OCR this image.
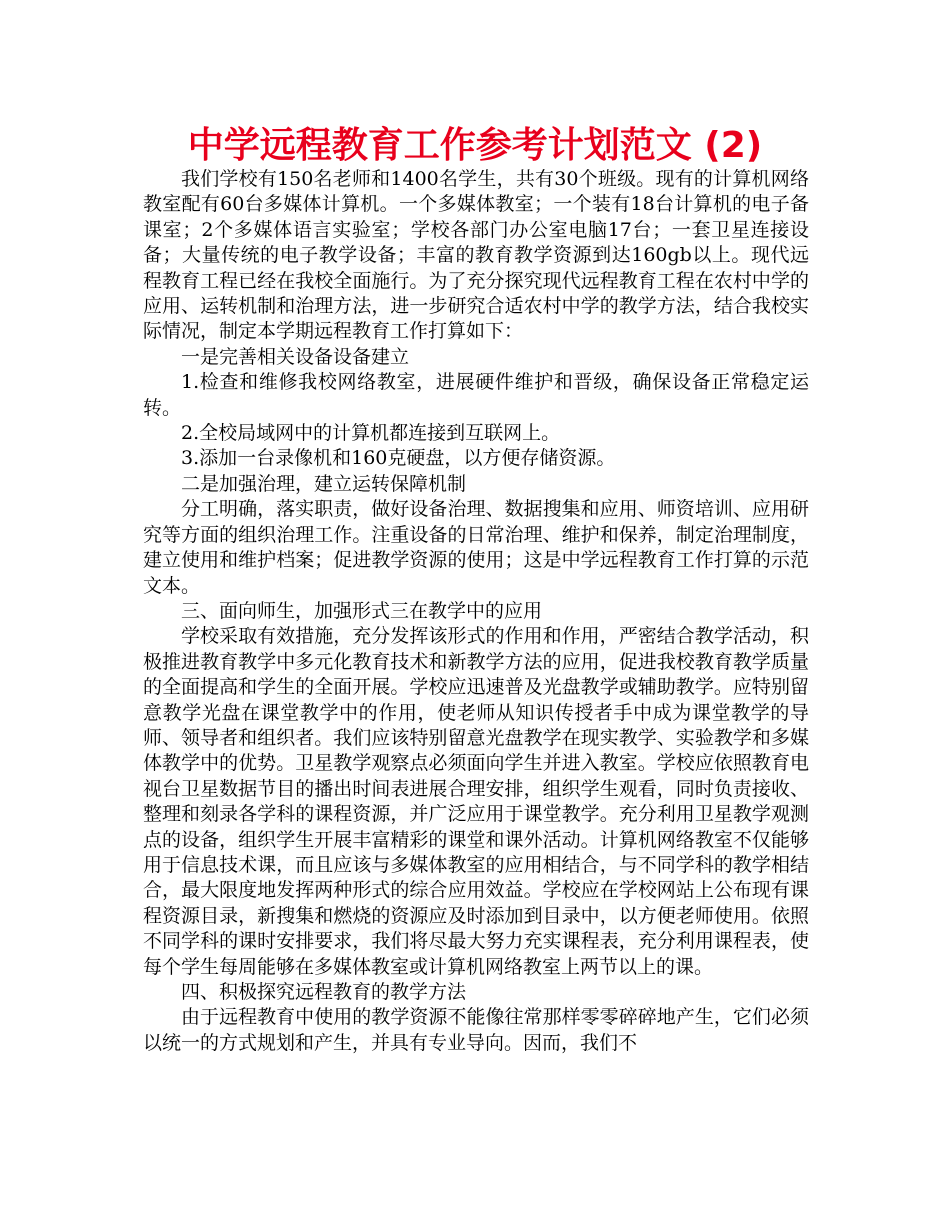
中学远程教育工作参考计划范文 (2)

我们学校有150名老师和1400名学生，共有30个班级。现有的计算机网络教室配有60台多媒体计算机。一个多媒体教室；一个装有18台计算机的电子备课室；2个多媒体语言实验室；学校各部门办公室电脑17台；一套卫星连接设备；大量传统的电子教学设备；丰富的教育教学资源到达160gb以上。现代远程教育工程已经在我校全面施行。为了充分探究现代远程教育工程在农村中学的应用、运转机制和治理方法，进一步研究合适农村中学的教学方法，结合我校实际情况，制定本学期远程教育工作打算如下：

一是完善相关设备设备建立

1.检查和维修我校网络教室，进展硬件维护和晋级，确保设备正常稳定运转。

2.全校局域网中的计算机都连接到互联网上。

3.添加一台录像机和160克硬盘，以方便存储资源。

二是加强治理，建立运转保障机制

分工明确，落实职责，做好设备治理、数据搜集和应用、师资培训、应用研究等方面的组织治理工作。注重设备的日常治理、维护和保养，制定治理制度，建立使用和维护档案；促进教学资源的使用；这是中学远程教育工作打算的示范文本。

三、面向师生，加强形式三在教学中的应用

学校采取有效措施，充分发挥该形式的作用和作用，严密结合教学活动，积极推进教育教学中多元化教育技术和新教学方法的应用，促进我校教育教学质量的全面提高和学生的全面开展。学校应迅速普及光盘教学或辅助教学。应特别留意教学光盘在课堂教学中的作用，使老师从知识传授者手中成为课堂教学的导师、领导者和组织者。我们应该特别留意光盘教学在现实教学、实验教学和多媒体教学中的优势。卫星教学观察点必须面向学生并进入教室。学校应依照教育电视台卫星数据节目的播出时间表进展合理安排，组织学生观看，同时负责接收、整理和刻录各学科的课程资源，并广泛应用于课堂教学。充分利用卫星教学观测点的设备，组织学生开展丰富精彩的课堂和课外活动。计算机网络教室不仅能够用于信息技术课，而且应该与多媒体教室的应用相结合，与不同学科的教学相结合，最大限度地发挥两种形式的综合应用效益。学校应在学校网站上公布现有课程资源目录，新搜集和燃烧的资源应及时添加到目录中，以方便老师使用。依照不同学科的课时安排要求，我们将尽最大努力充实课程表，充分利用课程表，使每个学生每周能够在多媒体教室或计算机网络教室上两节以上的课。

四、积极探究远程教育的教学方法

由于远程教育中使用的教学资源不能像往常那样零零碎碎地产生，它们必须以统一的方式规划和产生，并具有专业导向。因而，我们不
